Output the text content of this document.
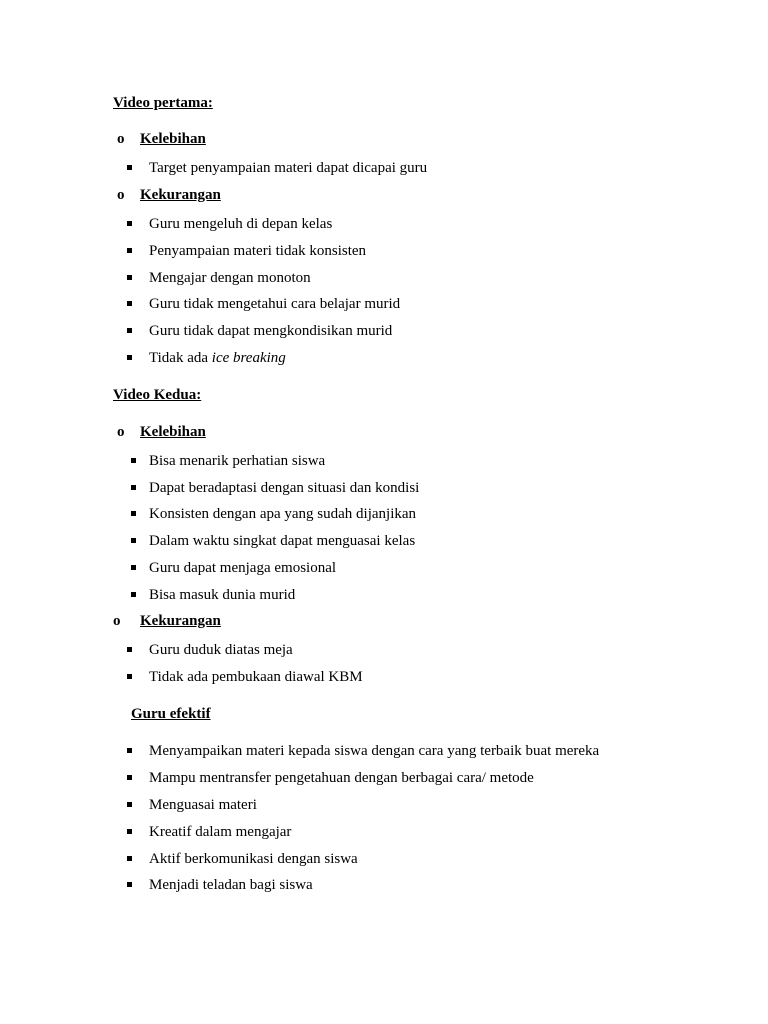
Video pertama:
o Kelebihan
Target penyampaian materi dapat dicapai guru
o Kekurangan
Guru mengeluh di depan kelas
Penyampaian materi tidak konsisten
Mengajar dengan monoton
Guru tidak mengetahui cara belajar murid
Guru tidak dapat mengkondisikan murid
Tidak ada ice breaking
Video Kedua:
o Kelebihan
Bisa menarik perhatian siswa
Dapat beradaptasi dengan situasi dan kondisi
Konsisten dengan apa yang sudah dijanjikan
Dalam waktu singkat dapat menguasai kelas
Guru dapat menjaga emosional
Bisa masuk dunia murid
o Kekurangan
Guru duduk diatas meja
Tidak ada pembukaan diawal KBM
Guru efektif
Menyampaikan materi kepada siswa dengan cara yang terbaik buat mereka
Mampu mentransfer pengetahuan dengan berbagai cara/ metode
Menguasai materi
Kreatif dalam mengajar
Aktif berkomunikasi dengan siswa
Menjadi teladan bagi siswa
